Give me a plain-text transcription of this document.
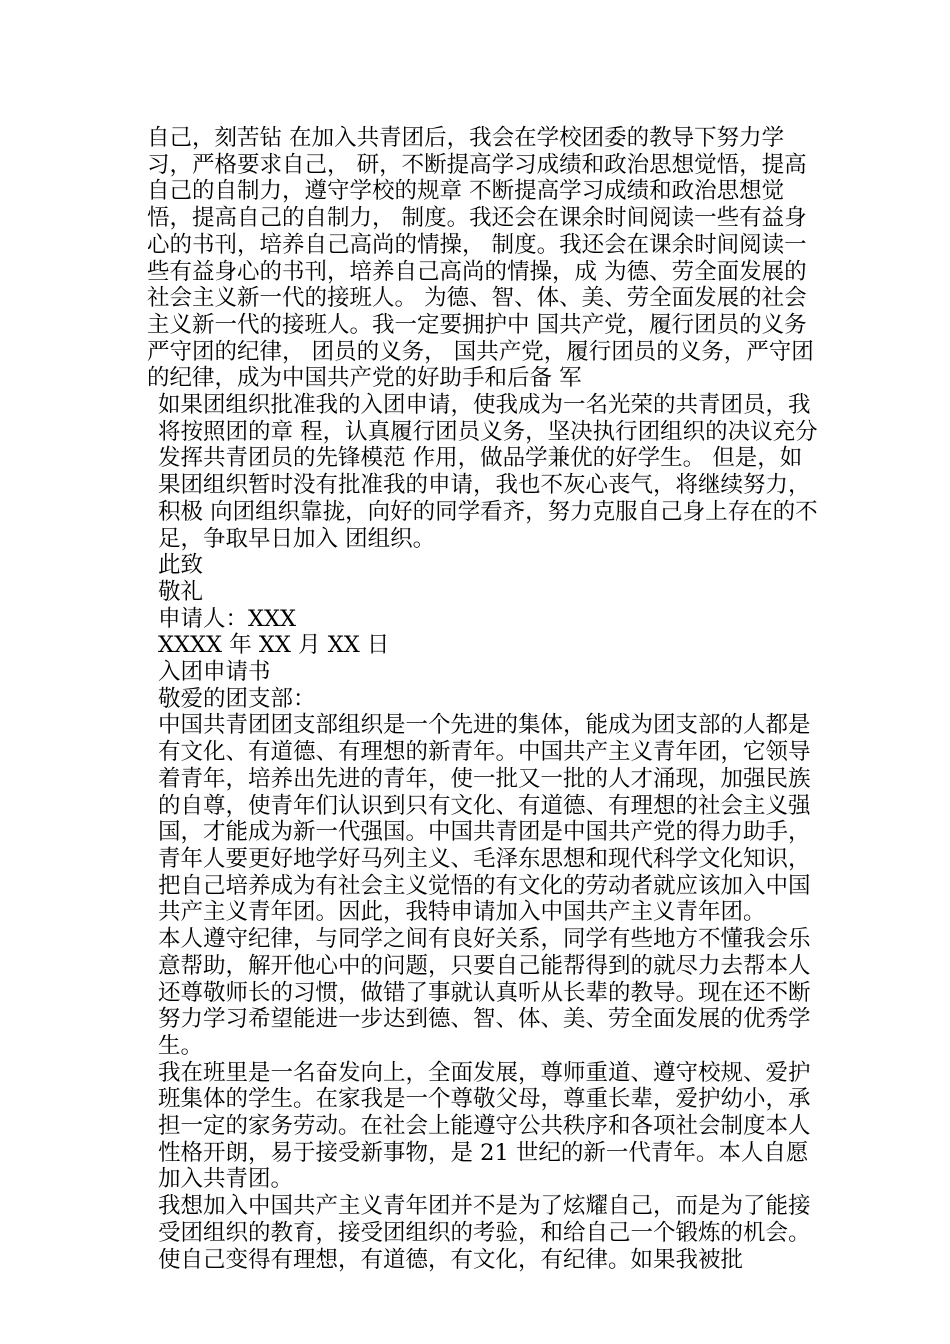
自己，刻苦钻 在加入共青团后，我会在学校团委的教导下努力学习，严格要求自己， 研，不断提高学习成绩和政治思想觉悟，提高自己的自制力，遵守学校的规章 不断提高学习成绩和政治思想觉悟，提高自己的自制力， 制度。我还会在课余时间阅读一些有益身心的书刊，培养自己高尚的情操， 制度。我还会在课余时间阅读一些有益身心的书刊，培养自己高尚的情操，成 为德、劳全面发展的社会主义新一代的接班人。 为德、智、体、美、劳全面发展的社会主义新一代的接班人。我一定要拥护中 国共产党，履行团员的义务 严守团的纪律， 团员的义务， 国共产党，履行团员的义务，严守团的纪律，成为中国共产党的好助手和后备 军

如果团组织批准我的入团申请，使我成为一名光荣的共青团员，我将按照团的章 程，认真履行团员义务，坚决执行团组织的决议充分发挥共青团员的先锋模范 作用，做品学兼优的好学生。 但是，如果团组织暂时没有批准我的申请，我也不灰心丧气，将继续努力，积极 向团组织靠拢，向好的同学看齐，努力克服自己身上存在的不足，争取早日加入 团组织。

此致

敬礼

申请人：XXX

XXXX 年 XX 月 XX 日

入团申请书

敬爱的团支部：

中国共青团团支部组织是一个先进的集体，能成为团支部的人都是有文化、有道德、有理想的新青年。中国共产主义青年团，它领导着青年，培养出先进的青年，使一批又一批的人才涌现，加强民族的自尊，使青年们认识到只有文化、有道德、有理想的社会主义强国，才能成为新一代强国。中国共青团是中国共产党的得力助手，青年人要更好地学好马列主义、毛泽东思想和现代科学文化知识，把自己培养成为有社会主义觉悟的有文化的劳动者就应该加入中国共产主义青年团。因此，我特申请加入中国共产主义青年团。

本人遵守纪律，与同学之间有良好关系，同学有些地方不懂我会乐意帮助，解开他心中的问题，只要自己能帮得到的就尽力去帮本人还尊敬师长的习惯，做错了事就认真听从长辈的教导。现在还不断努力学习希望能进一步达到德、智、体、美、劳全面发展的优秀学生。

我在班里是一名奋发向上，全面发展，尊师重道、遵守校规、爱护班集体的学生。在家我是一个尊敬父母，尊重长辈，爱护幼小，承担一定的家务劳动。在社会上能遵守公共秩序和各项社会制度本人性格开朗，易于接受新事物，是 21 世纪的新一代青年。本人自愿加入共青团。

我想加入中国共产主义青年团并不是为了炫耀自己，而是为了能接受团组织的教育，接受团组织的考验，和给自己一个锻炼的机会。使自己变得有理想，有道德，有文化，有纪律。如果我被批
